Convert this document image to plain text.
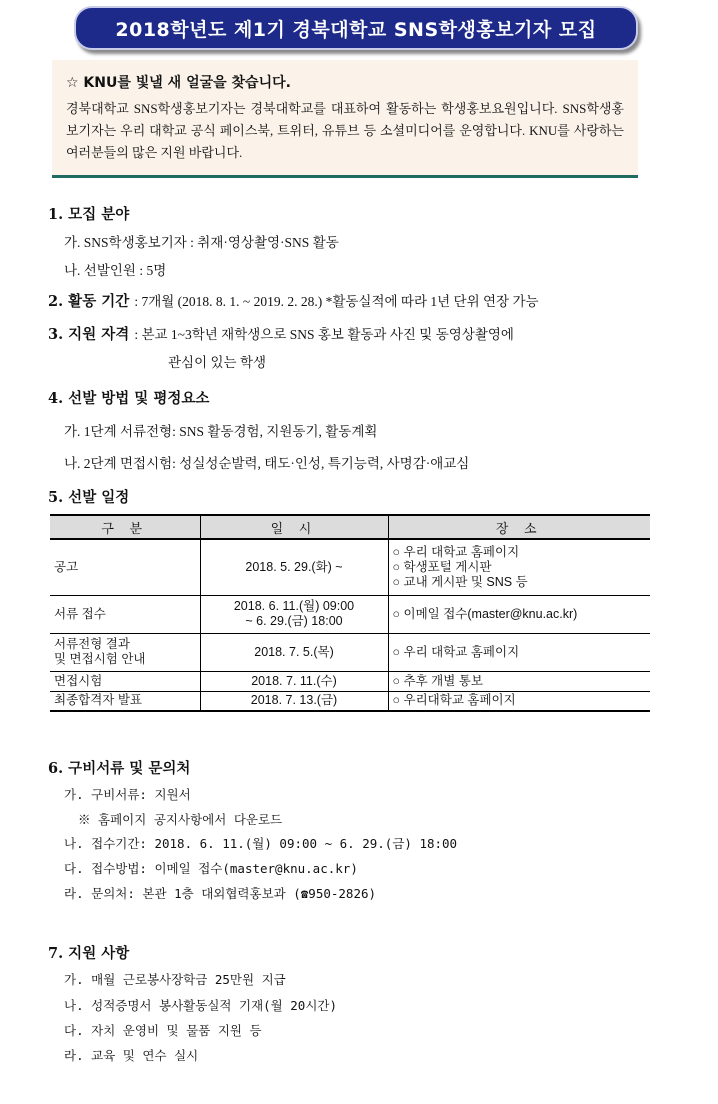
2018학년도 제1기 경북대학교 SNS학생홍보기자 모집

☆ KNU를 빛낼 새 얼굴을 찾습니다.

경북대학교 SNS학생홍보기자는 경북대학교를 대표하여 활동하는 학생홍보요원입니다. SNS학생홍보기자는 우리 대학교 공식 페이스북, 트위터, 유튜브 등 소셜미디어를 운영합니다. KNU를 사랑하는 여러분들의 많은 지원 바랍니다.

1. 모집 분야
가. SNS학생홍보기자 : 취재·영상촬영·SNS 활동
나. 선발인원 : 5명
2. 활동 기간 : 7개월 (2018. 8. 1. ~ 2019. 2. 28.) *활동실적에 따라 1년 단위 연장 가능
3. 지원 자격 : 본교 1~3학년 재학생으로 SNS 홍보 활동과 사진 및 동영상촬영에
관심이 있는 학생
4. 선발 방법 및 평정요소
가. 1단계 서류전형: SNS 활동경험, 지원동기, 활동계획
나. 2단계 면접시험: 성실성순발력, 태도·인성, 특기능력, 사명감·애교심
5. 선발 일정
구 분	일 시	장 소
공고	2018. 5. 29.(화) ~	○ 우리 대학교 홈페이지
○ 학생포털 게시판
○ 교내 게시판 및 SNS 등

서류 접수	2018. 6. 11.(월) 09:00
~ 6. 29.(금) 18:00	○ 이메일 접수(master@knu.ac.kr)

서류전형 결과
및 면접시험 안내	2018. 7. 5.(목)	○ 우리 대학교 홈페이지

면접시험	2018. 7. 11.(수)	○ 추후 개별 통보

최종합격자 발표	2018. 7. 13.(금)	○ 우리대학교 홈페이지
6. 구비서류 및 문의처
가. 구비서류: 지원서
※ 홈페이지 공지사항에서 다운로드
나. 접수기간: 2018. 6. 11.(월) 09:00 ~ 6. 29.(금) 18:00
다. 접수방법: 이메일 접수(master@knu.ac.kr)
라. 문의처: 본관 1층 대외협력홍보과 (☎950-2826)
7. 지원 사항
가. 매월 근로봉사장학금 25만원 지급
나. 성적증명서 봉사활동실적 기재(월 20시간)
다. 자치 운영비 및 물품 지원 등
라. 교육 및 연수 실시
